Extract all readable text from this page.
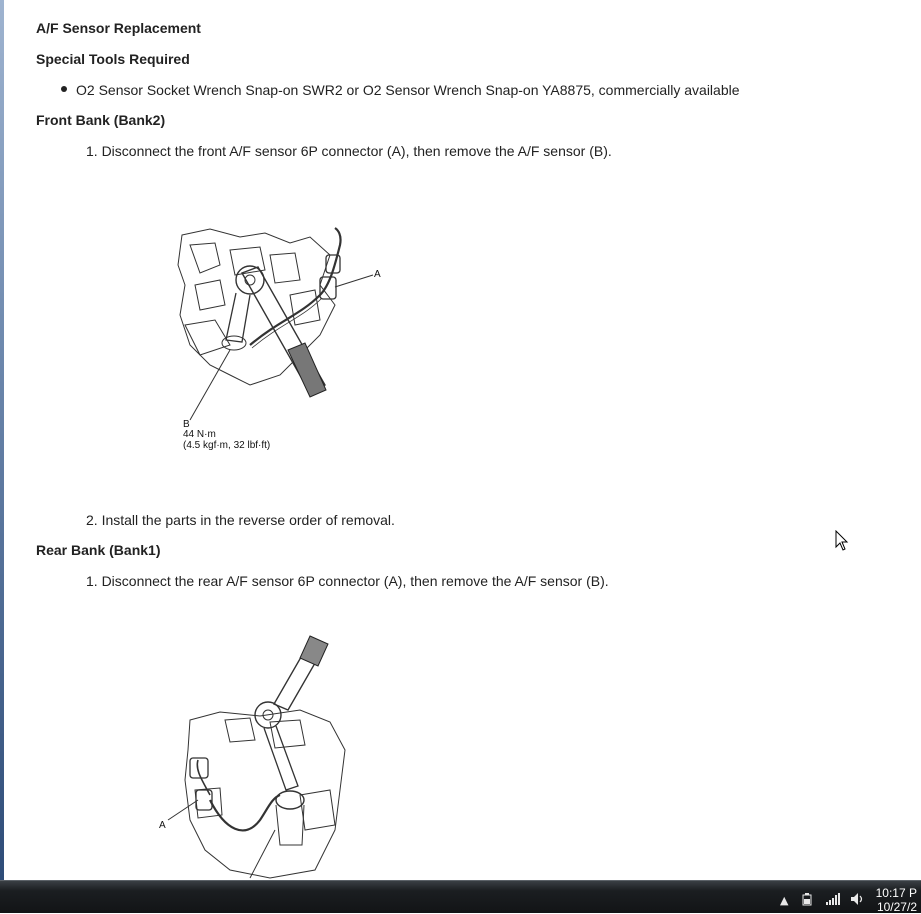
A/F Sensor Replacement
Special Tools Required
O2 Sensor Socket Wrench Snap-on SWR2 or O2 Sensor Wrench Snap-on YA8875, commercially available
Front Bank (Bank2)
1. Disconnect the front A/F sensor 6P connector (A), then remove the A/F sensor (B).
A
B
44 N·m
(4.5 kgf·m, 32 lbf·ft)
2. Install the parts in the reverse order of removal.
Rear Bank (Bank1)
1. Disconnect the rear A/F sensor 6P connector (A), then remove the A/F sensor (B).
A
▲
10:17 P
10/27/2
